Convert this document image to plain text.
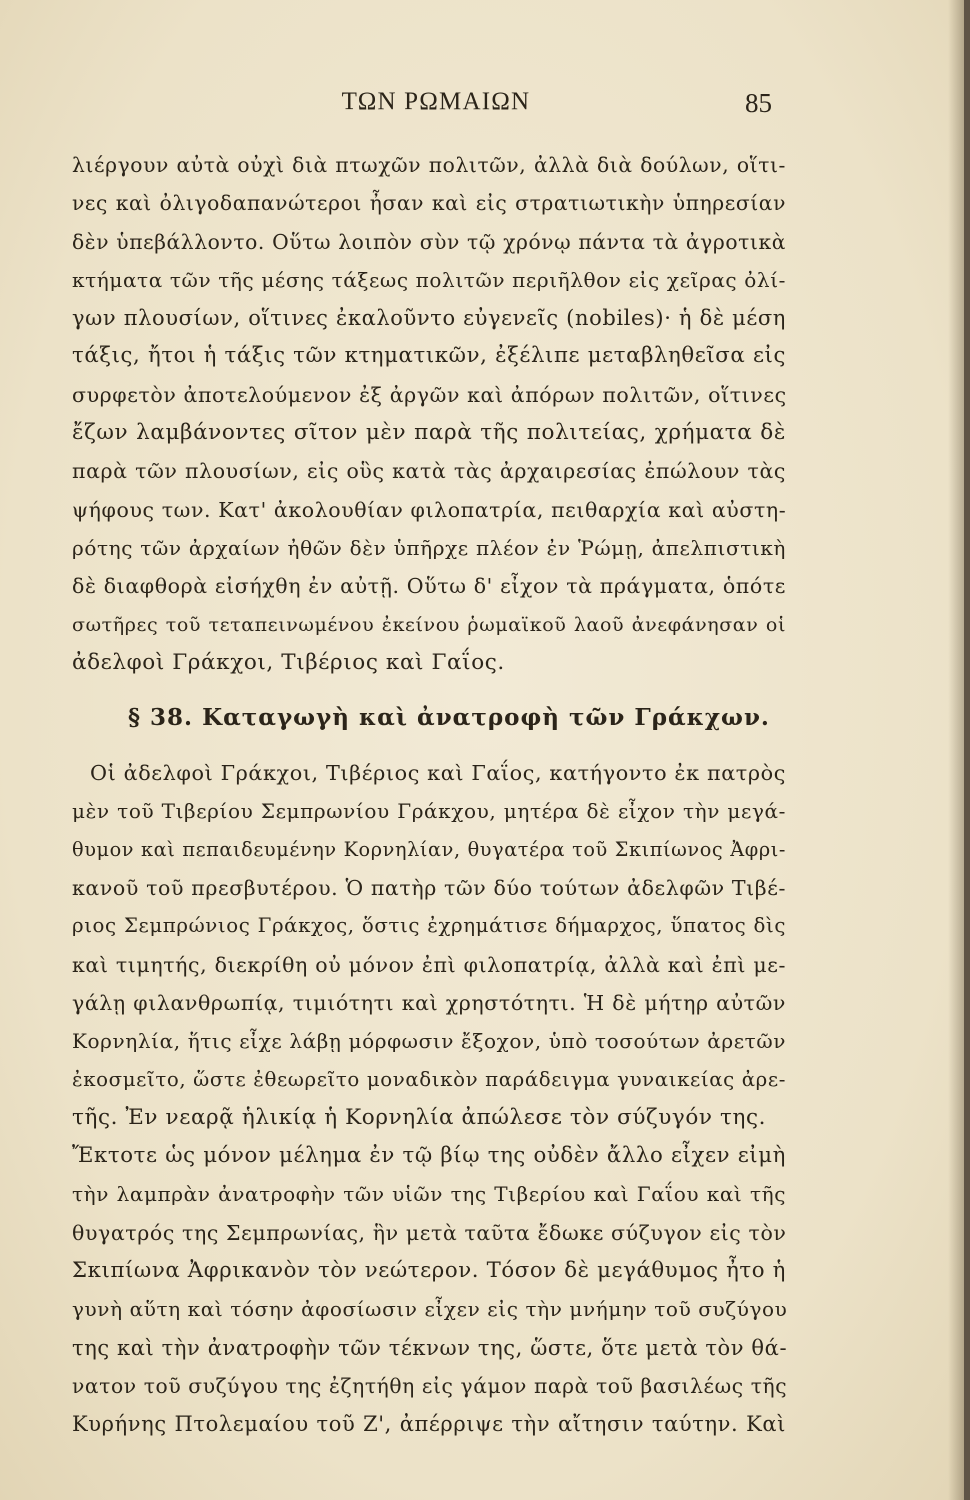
ΤΩΝ ΡΩΜΑΙΩΝ	85
λιέργουν αὐτὰ οὐχὶ διὰ πτωχῶν πολιτῶν, ἀλλὰ διὰ δούλων, οἵτι-
νες καὶ ὀλιγοδαπανώτεροι ἦσαν καὶ εἰς στρατιωτικὴν ὑπηρεσίαν
δὲν ὑπεβάλλοντο. Οὕτω λοιπὸν σὺν τῷ χρόνῳ πάντα τὰ ἀγροτικὰ
κτήματα τῶν τῆς μέσης τάξεως πολιτῶν περιῆλθον εἰς χεῖρας ὀλί-
γων πλουσίων, οἵτινες ἐκαλοῦντο εὐγενεῖς (nobiles)· ἡ δὲ μέση
τάξις, ἤτοι ἡ τάξις τῶν κτηματικῶν, ἐξέλιπε μεταβληθεῖσα εἰς
συρφετὸν ἀποτελούμενον ἐξ ἀργῶν καὶ ἀπόρων πολιτῶν, οἵτινες
ἔζων λαμβάνοντες σῖτον μὲν παρὰ τῆς πολιτείας, χρήματα δὲ
παρὰ τῶν πλουσίων, εἰς οὓς κατὰ τὰς ἀρχαιρεσίας ἐπώλουν τὰς
ψήφους των. Κατ' ἀκολουθίαν φιλοπατρία, πειθαρχία καὶ αὐστη-
ρότης τῶν ἀρχαίων ἠθῶν δὲν ὑπῆρχε πλέον ἐν Ῥώμῃ, ἀπελπιστικὴ
δὲ διαφθορὰ εἰσήχθη ἐν αὐτῇ. Οὕτω δ' εἶχον τὰ πράγματα, ὁπότε
σωτῆρες τοῦ τεταπεινωμένου ἐκείνου ῥωμαϊκοῦ λαοῦ ἀνεφάνησαν οἱ
ἀδελφοὶ Γράκχοι, Τιβέριος καὶ Γαΐος.
§ 38. Καταγωγὴ καὶ ἀνατροφὴ τῶν Γράκχων.
Οἱ ἀδελφοὶ Γράκχοι, Τιβέριος καὶ Γαΐος, κατήγοντο ἐκ πατρὸς
μὲν τοῦ Τιβερίου Σεμπρωνίου Γράκχου, μητέρα δὲ εἶχον τὴν μεγά-
θυμον καὶ πεπαιδευμένην Κορνηλίαν, θυγατέρα τοῦ Σκιπίωνος Ἀφρι-
κανοῦ τοῦ πρεσβυτέρου. Ὁ πατὴρ τῶν δύο τούτων ἀδελφῶν Τιβέ-
ριος Σεμπρώνιος Γράκχος, ὅστις ἐχρημάτισε δήμαρχος, ὕπατος δὶς
καὶ τιμητής, διεκρίθη οὐ μόνον ἐπὶ φιλοπατρίᾳ, ἀλλὰ καὶ ἐπὶ με-
γάλῃ φιλανθρωπίᾳ, τιμιότητι καὶ χρηστότητι. Ἡ δὲ μήτηρ αὐτῶν
Κορνηλία, ἥτις εἶχε λάβῃ μόρφωσιν ἔξοχον, ὑπὸ τοσούτων ἀρετῶν
ἐκοσμεῖτο, ὥστε ἐθεωρεῖτο μοναδικὸν παράδειγμα γυναικείας ἀρε-
τῆς. Ἐν νεαρᾷ ἡλικίᾳ ἡ Κορνηλία ἀπώλεσε τὸν σύζυγόν της.
Ἔκτοτε ὡς μόνον μέλημα ἐν τῷ βίῳ της οὐδὲν ἄλλο εἶχεν εἰμὴ
τὴν λαμπρὰν ἀνατροφὴν τῶν υἱῶν της Τιβερίου καὶ Γαΐου καὶ τῆς
θυγατρός της Σεμπρωνίας, ἣν μετὰ ταῦτα ἔδωκε σύζυγον εἰς τὸν
Σκιπίωνα Ἀφρικανὸν τὸν νεώτερον. Τόσον δὲ μεγάθυμος ἦτο ἡ
γυνὴ αὕτη καὶ τόσην ἀφοσίωσιν εἶχεν εἰς τὴν μνήμην τοῦ συζύγου
της καὶ τὴν ἀνατροφὴν τῶν τέκνων της, ὥστε, ὅτε μετὰ τὸν θά-
νατον τοῦ συζύγου της ἐζητήθη εἰς γάμον παρὰ τοῦ βασιλέως τῆς
Κυρήνης Πτολεμαίου τοῦ Ζ', ἀπέρριψε τὴν αἴτησιν ταύτην. Καὶ
